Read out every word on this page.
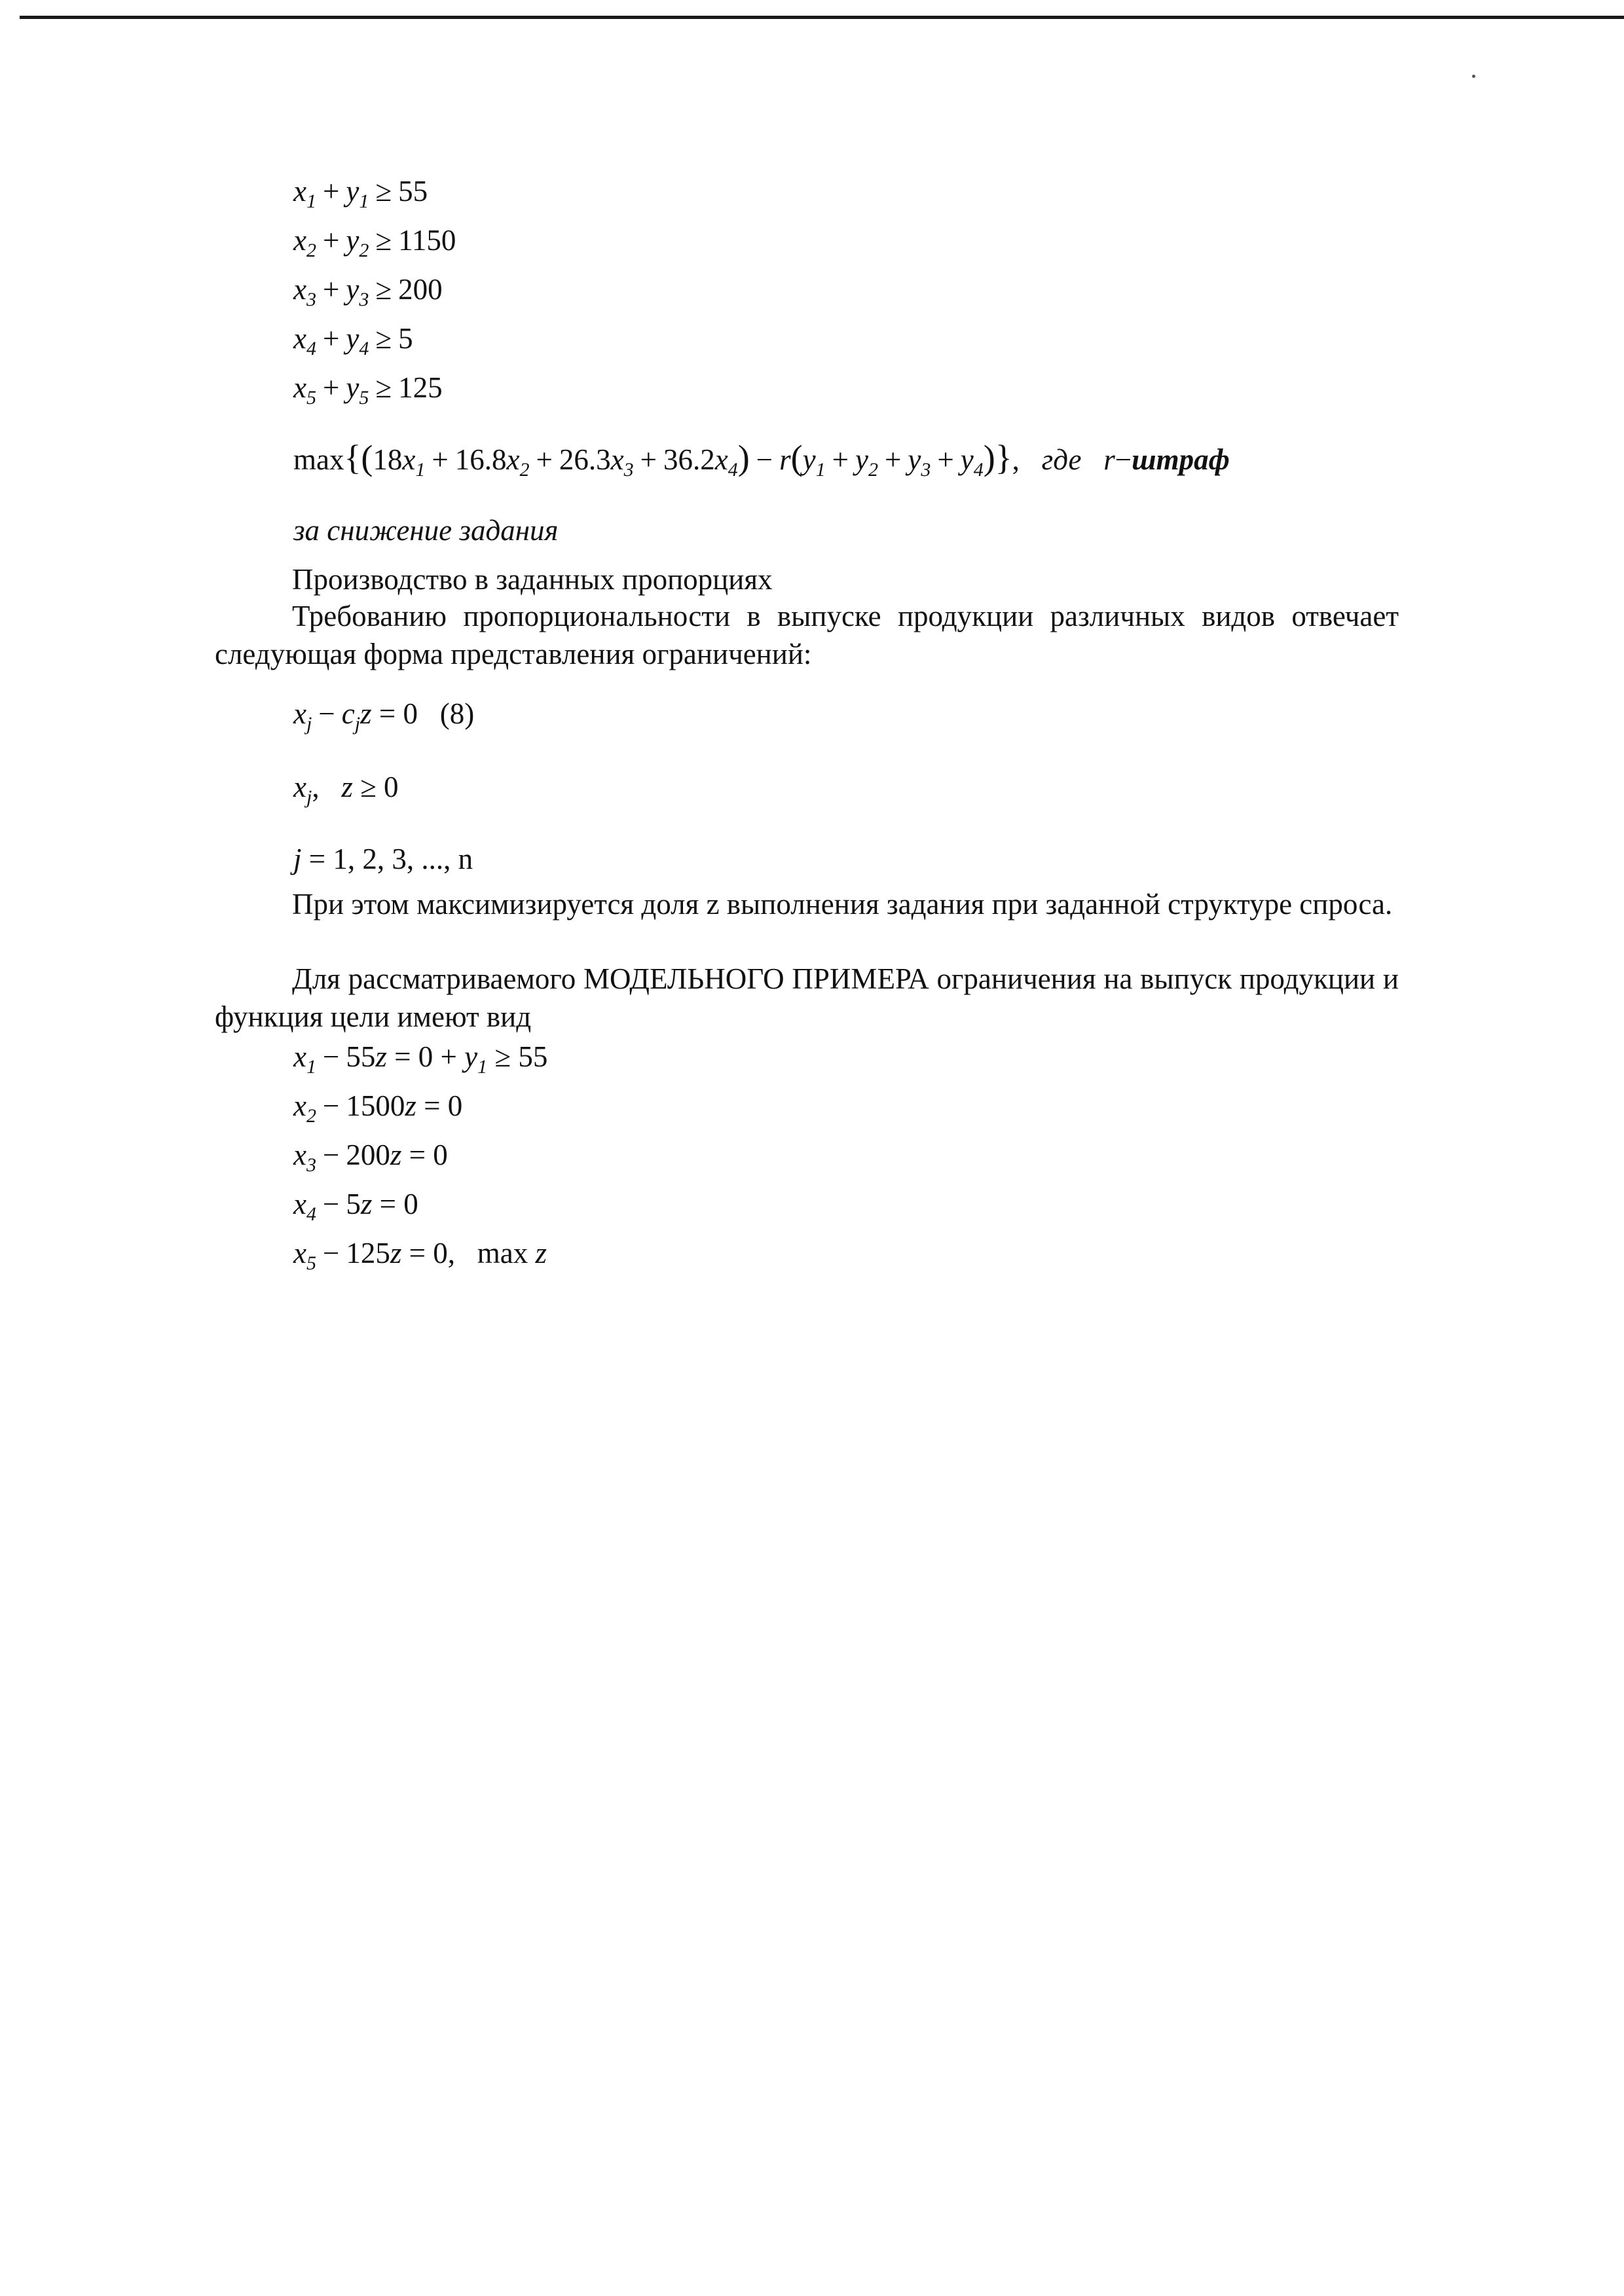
$x_1 + y_1 \ge 55$
$x_2 + y_2 \ge 1150$
$x_3 + y_3 \ge 200$
$x_4 + y_4 \ge 5$
$x_5 + y_5 \ge 125$
$\max\{(18x_1 + 16.8x_2 + 26.3x_3 + 36.2x_4) - r(y_1 + y_2 + y_3 + y_4)\}$,   где r−штраф
за снижение задания
Производство в заданных пропорциях
Требованию пропорциональности в выпуске продукции различных видов отвечает следующая форма представления ограничений:
$x_j - c_jz = 0$ (8)
$x_j$,   z ≥ 0
j = 1, 2, 3, ..., n
При этом максимизируется доля z выполнения задания при заданной структуре спроса.
Для рассматриваемого МОДЕЛЬНОГО ПРИМЕРА ограничения на выпуск продукции и функция цели имеют вид
$x_1 - 55z = 0 + y_1 \ge 55$
$x_2 - 1500z = 0$
$x_3 - 200z = 0$
$x_4 - 5z = 0$
$x_5 - 125z = 0$,   max z
